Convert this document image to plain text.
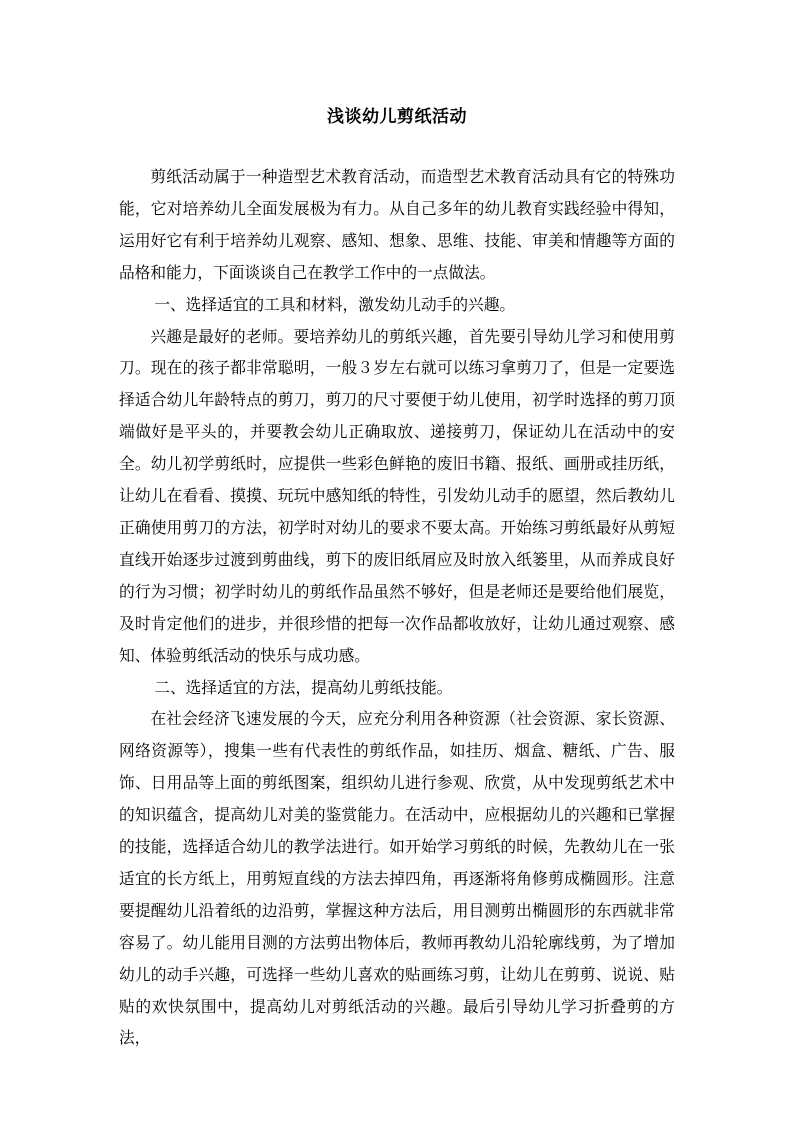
浅谈幼儿剪纸活动

剪纸活动属于一种造型艺术教育活动，而造型艺术教育活动具有它的特殊功能，它对培养幼儿全面发展极为有力。从自己多年的幼儿教育实践经验中得知，运用好它有利于培养幼儿观察、感知、想象、思维、技能、审美和情趣等方面的品格和能力，下面谈谈自己在教学工作中的一点做法。

一、选择适宜的工具和材料，激发幼儿动手的兴趣。

兴趣是最好的老师。要培养幼儿的剪纸兴趣，首先要引导幼儿学习和使用剪刀。现在的孩子都非常聪明，一般３岁左右就可以练习拿剪刀了，但是一定要选择适合幼儿年龄特点的剪刀，剪刀的尺寸要便于幼儿使用，初学时选择的剪刀顶端做好是平头的，并要教会幼儿正确取放、递接剪刀，保证幼儿在活动中的安全。幼儿初学剪纸时，应提供一些彩色鲜艳的废旧书籍、报纸、画册或挂历纸，让幼儿在看看、摸摸、玩玩中感知纸的特性，引发幼儿动手的愿望，然后教幼儿正确使用剪刀的方法，初学时对幼儿的要求不要太高。开始练习剪纸最好从剪短直线开始逐步过渡到剪曲线，剪下的废旧纸屑应及时放入纸篓里，从而养成良好的行为习惯；初学时幼儿的剪纸作品虽然不够好，但是老师还是要给他们展览，及时肯定他们的进步，并很珍惜的把每一次作品都收放好，让幼儿通过观察、感知、体验剪纸活动的快乐与成功感。

二、选择适宜的方法，提高幼儿剪纸技能。

在社会经济飞速发展的今天，应充分利用各种资源（社会资源、家长资源、网络资源等），搜集一些有代表性的剪纸作品，如挂历、烟盒、糖纸、广告、服饰、日用品等上面的剪纸图案，组织幼儿进行参观、欣赏，从中发现剪纸艺术中的知识蕴含，提高幼儿对美的鉴赏能力。在活动中，应根据幼儿的兴趣和已掌握的技能，选择适合幼儿的教学法进行。如开始学习剪纸的时候，先教幼儿在一张适宜的长方纸上，用剪短直线的方法去掉四角，再逐渐将角修剪成椭圆形。注意要提醒幼儿沿着纸的边沿剪，掌握这种方法后，用目测剪出椭圆形的东西就非常容易了。幼儿能用目测的方法剪出物体后，教师再教幼儿沿轮廓线剪，为了增加幼儿的动手兴趣，可选择一些幼儿喜欢的贴画练习剪，让幼儿在剪剪、说说、贴贴的欢快氛围中，提高幼儿对剪纸活动的兴趣。最后引导幼儿学习折叠剪的方法，
